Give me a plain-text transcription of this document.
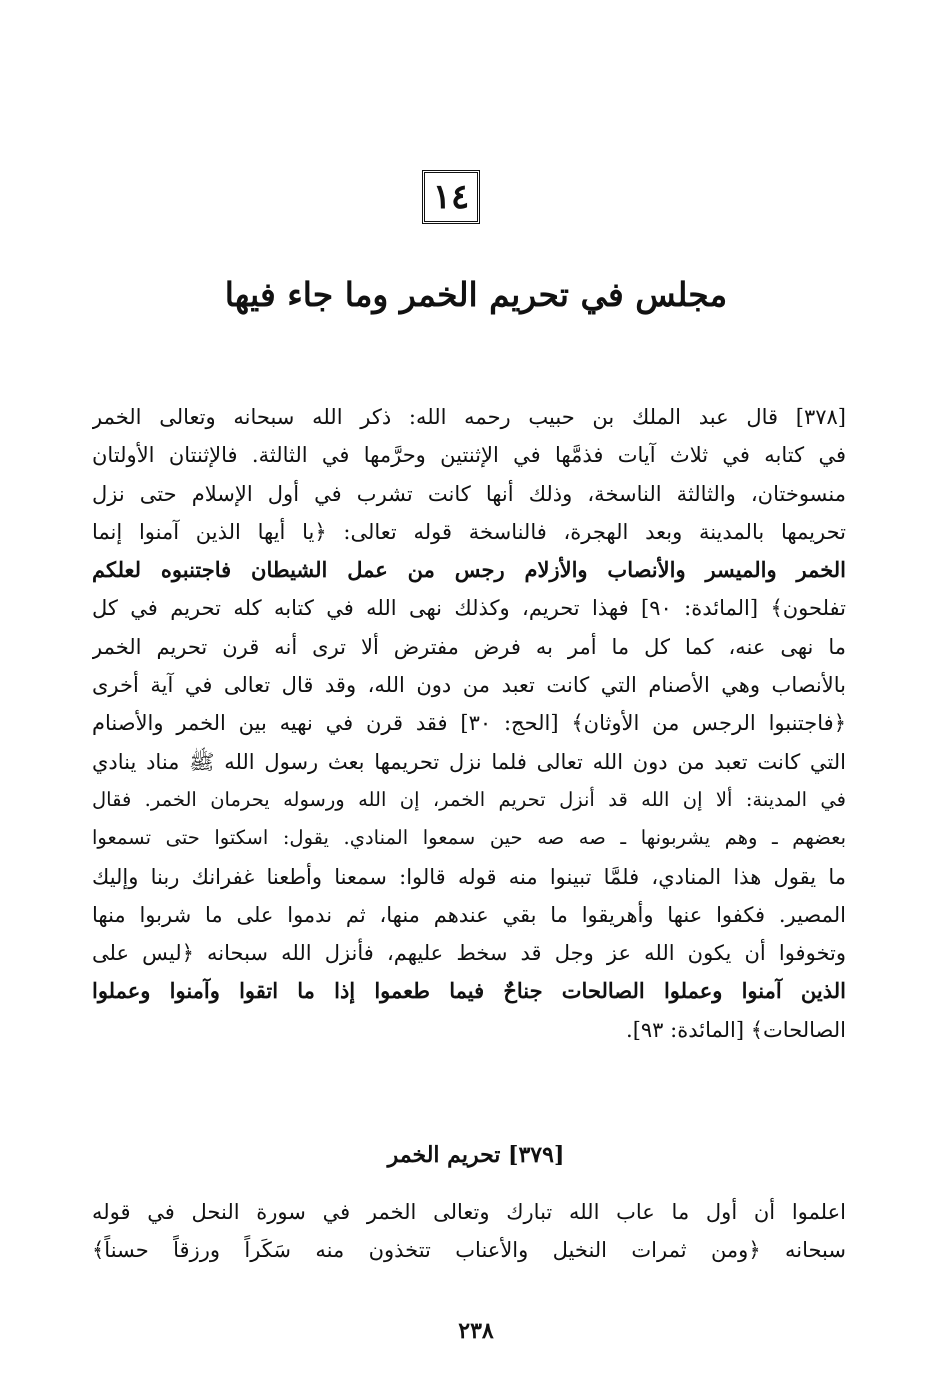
١٤
مجلس في تحريم الخمر وما جاء فيها
[٣٧٨] قال عبد الملك بن حبيب رحمه الله: ذكر الله سبحانه وتعالى الخمر
في كتابه في ثلاث آيات فذمَّها في الإثنتين وحرَّمها في الثالثة. فالإثنتان الأولتان
منسوختان، والثالثة الناسخة، وذلك أنها كانت تشرب في أول الإسلام حتى نزل
تحريمها بالمدينة وبعد الهجرة، فالناسخة قوله تعالى: ﴿يا أيها الذين آمنوا إنما
الخمر والميسر والأنصاب والأزلام رجس من عمل الشيطان فاجتنبوه لعلكم
تفلحون﴾ [المائدة: ٩٠] فهذا تحريم، وكذلك نهى الله في كتابه كله تحريم في كل
ما نهى عنه، كما كل ما أمر به فرض مفترض ألا ترى أنه قرن تحريم الخمر
بالأنصاب وهي الأصنام التي كانت تعبد من دون الله، وقد قال تعالى في آية أخرى
﴿فاجتنبوا الرجس من الأوثان﴾ [الحج: ٣٠] فقد قرن في نهيه بين الخمر والأصنام
التي كانت تعبد من دون الله تعالى فلما نزل تحريمها بعث رسول الله ﷺ مناد ينادي
في المدينة: ألا إن الله قد أنزل تحريم الخمر، إن الله ورسوله يحرمان الخمر. فقال
بعضهم ـ وهم يشربونها ـ صه صه حين سمعوا المنادي. يقول: اسكتوا حتى تسمعوا
ما يقول هذا المنادي، فلمَّا تبينوا منه قوله قالوا: سمعنا وأطعنا غفرانك ربنا وإليك
المصير. فكفوا عنها وأهريقوا ما بقي عندهم منها، ثم ندموا على ما شربوا منها
وتخوفوا أن يكون الله عز وجل قد سخط عليهم، فأنزل الله سبحانه ﴿ليس على
الذين آمنوا وعملوا الصالحات جناحٌ فيما طعموا إذا ما اتقوا وآمنوا وعملوا
الصالحات﴾ [المائدة: ٩٣].
[٣٧٩] تحريم الخمر
اعلموا أن أول ما عاب الله تبارك وتعالى الخمر في سورة النحل في قوله
سبحانه ﴿ومن ثمرات النخيل والأعناب تتخذون منه سَكَراً ورزقاً حسناً﴾
٢٣٨
